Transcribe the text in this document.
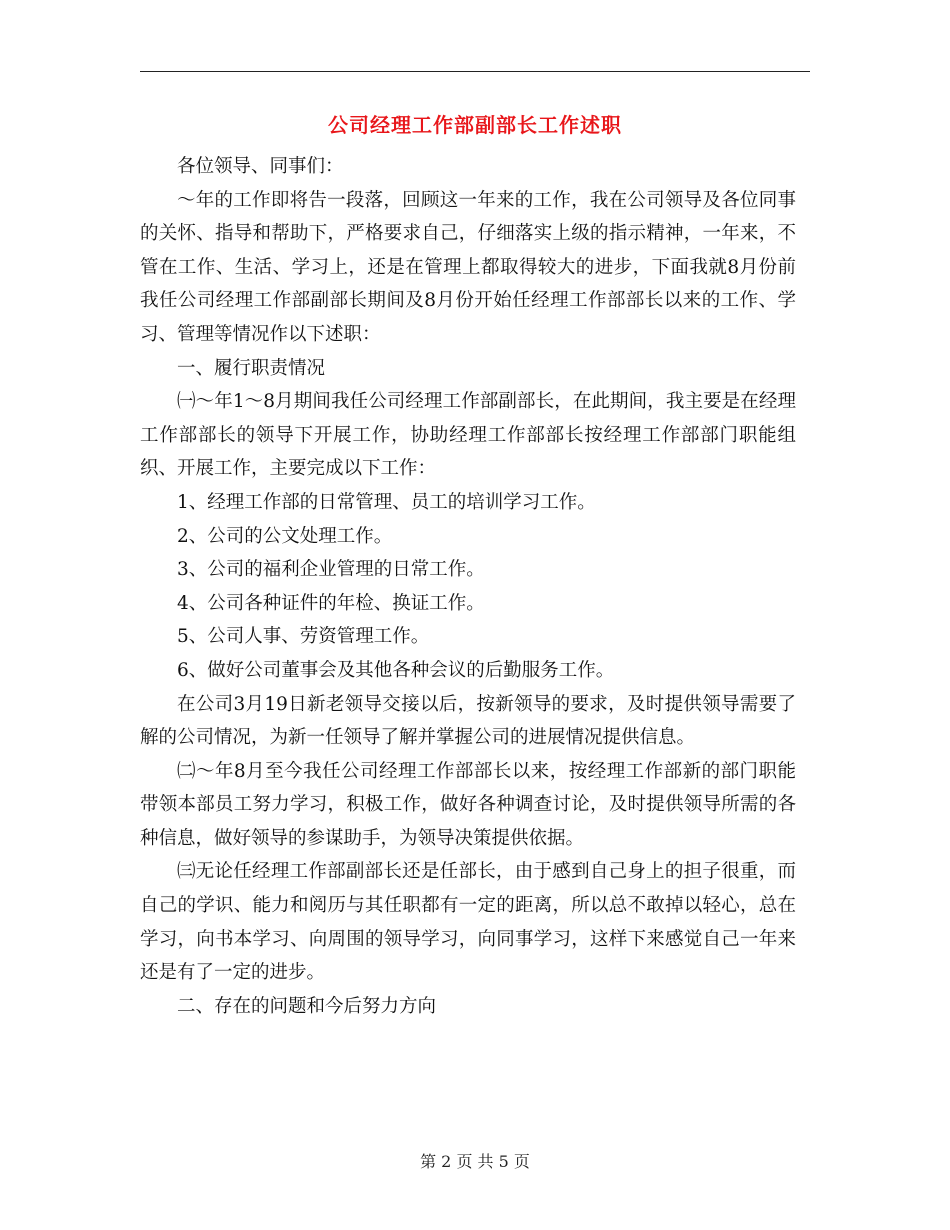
公司经理工作部副部长工作述职

各位领导、同事们：

～年的工作即将告一段落，回顾这一年来的工作，我在公司领导及各位同事的关怀、指导和帮助下，严格要求自己，仔细落实上级的指示精神，一年来，不管在工作、生活、学习上，还是在管理上都取得较大的进步，下面我就8月份前我任公司经理工作部副部长期间及8月份开始任经理工作部部长以来的工作、学习、管理等情况作以下述职：

一、履行职责情况

㈠～年1～8月期间我任公司经理工作部副部长，在此期间，我主要是在经理工作部部长的领导下开展工作，协助经理工作部部长按经理工作部部门职能组织、开展工作，主要完成以下工作：

1、经理工作部的日常管理、员工的培训学习工作。

2、公司的公文处理工作。

3、公司的福利企业管理的日常工作。

4、公司各种证件的年检、换证工作。

5、公司人事、劳资管理工作。

6、做好公司董事会及其他各种会议的后勤服务工作。

在公司3月19日新老领导交接以后，按新领导的要求，及时提供领导需要了解的公司情况，为新一任领导了解并掌握公司的进展情况提供信息。

㈡～年8月至今我任公司经理工作部部长以来，按经理工作部新的部门职能带领本部员工努力学习，积极工作，做好各种调查讨论，及时提供领导所需的各种信息，做好领导的参谋助手，为领导决策提供依据。

㈢无论任经理工作部副部长还是任部长，由于感到自己身上的担子很重，而自己的学识、能力和阅历与其任职都有一定的距离，所以总不敢掉以轻心，总在学习，向书本学习、向周围的领导学习，向同事学习，这样下来感觉自己一年来还是有了一定的进步。

二、存在的问题和今后努力方向

第 2 页 共 5 页
